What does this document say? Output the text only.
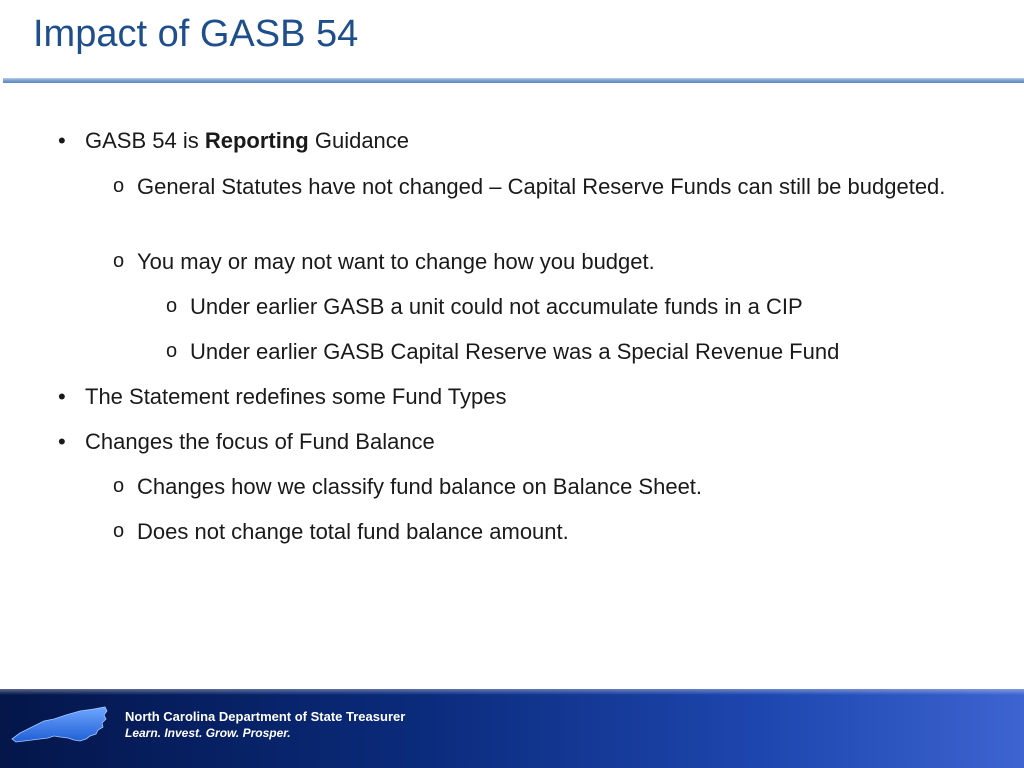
Impact of GASB 54
• GASB 54 is Reporting Guidance
o General Statutes have not changed – Capital Reserve Funds can still be budgeted.
o You may or may not want to change how you budget.
o Under earlier GASB a unit could not accumulate funds in a CIP
o Under earlier GASB Capital Reserve was a Special Revenue Fund
• The Statement redefines some Fund Types
• Changes the focus of Fund Balance
o Changes how we classify fund balance on Balance Sheet.
o Does not change total fund balance amount.
North Carolina Department of State Treasurer
Learn. Invest. Grow. Prosper.
